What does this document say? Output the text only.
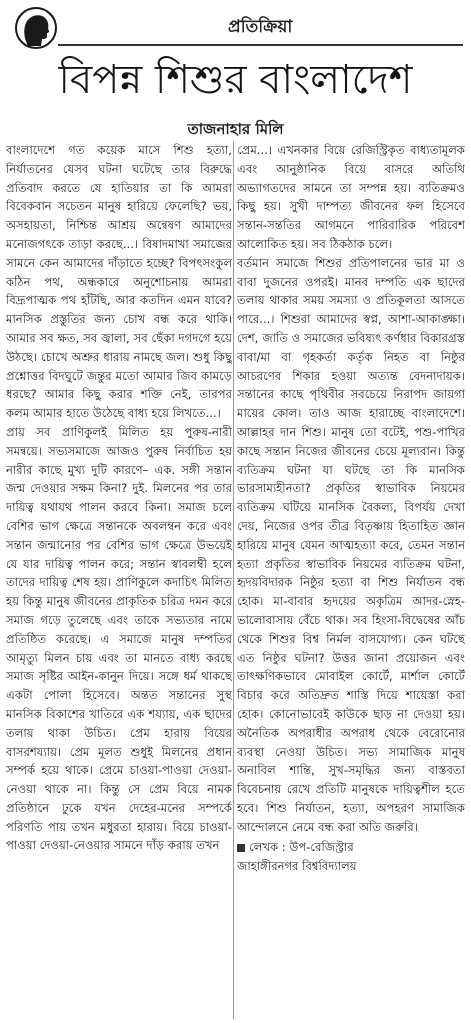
প্রতিক্রিয়া
বিপন্ন শিশুর বাংলাদেশ
তাজনাহার মিলি

বাংলাদেশে গত কয়েক মাসে শিশু হত্যা, নির্যাতনের যেসব ঘটনা ঘটেছে তার বিরুদ্ধে প্রতিবাদ করতে যে হাতিয়ার তা কি আমরা বিবেকবান সচেতন মানুষ হারিয়ে ফেলেছি? ভয়, অসহায়তা, নিশ্চিন্ত আশ্রয় অন্বেষণ আমাদের মনোজগৎকে তাড়া করছে...। বিষাদমাখা সমাজের সামনে কেন আমাদের দাঁড়াতে হচ্ছে? বিপৎসংকুল কঠিন পথ, অন্ধকারে অনুশোচনায় আমরা বিদ্রূপাত্মক পথ হাঁটছি, আর কতদিন এমন যাবে? মানসিক প্রস্তুতির জন্য চোখ বন্ধ করে থাকি। আমার সব ক্ষত, সব জ্বালা, সব ছেঁকা দগদগে হয়ে উঠছে। চোখে অশ্রুর ধারায় নামছে জল। শুধু কিছু প্রশ্নোত্তর বিদঘুটে জন্তুর মতো আমার জিব কামড়ে ধরছে? আমার কিছু করার শক্তি নেই, তারপর কলম আমার হাতে উঠেছে বাধ্য হয়ে লিখতে...।

প্রায় সব প্রাণিকুলই মিলিত হয় পুরুষ-নারী সমন্বয়ে। সভ্যসমাজে আজও পুরুষ নির্বাচিত হয় নারীর কাছে মুখ্য দুটি কারণে– এক. সঙ্গী সন্তান জন্ম দেওয়ার সক্ষম কিনা? দুই. মিলনের পর তার দায়িত্ব যথাযথ পালন করবে কিনা। সমাজ চলে বেশির ভাগ ক্ষেত্রে সন্তানকে অবলম্বন করে এবং সন্তান জন্মানোর পর বেশির ভাগ ক্ষেত্রে উভয়েই যে যার দায়িত্ব পালন করে; সন্তান স্বাবলম্বী হলে তাদের দায়িত্ব শেষ হয়। প্রাণিকুলে কদাচিৎ মিলিত হয় কিন্তু মানুষ জীবনের প্রাকৃতিক চরিত্র দমন করে সমাজ গড়ে তুলেছে এবং তাকে সভ্যতার নামে প্রতিষ্ঠিত করেছে। এ সমাজে মানুষ দম্পতির আমৃত্যু মিলন চায় এবং তা মানতে বাধ্য করছে সমাজ সৃষ্টির আইন-কানুন দিয়ে। সঙ্গে ধর্ম থাকছে একটা পোলা হিসেবে। অন্তত সন্তানের সুস্থ মানসিক বিকাশের খাতিরে এক শয্যায়, এক ছাদের তলায় থাকা উচিত। প্রেম হারায় বিয়ের বাসরশয্যায়। প্রেম মূলত শুধুই মিলনের প্রধান সম্পর্ক হয়ে থাকে। প্রেমে চাওয়া-পাওয়া দেওয়া-নেওয়া থাকে না। কিন্তু সে প্রেম বিয়ে নামক প্রতিষ্ঠানে ঢুকে যখন দেহের-মনের সম্পর্কে পরিণতি পায় তখন মধুরতা হারায়। বিয়ে চাওয়া-পাওয়া দেওয়া-নেওয়ার সামনে দাঁড় করায় তখন

প্রেম...। এখনকার বিয়ে রেজিস্ট্রিকৃত বাধ্যতামূলক এবং আনুষ্ঠানিক বিয়ে বাসরে অতিথি অভ্যাগতদের সামনে তা সম্পন্ন হয়। ব্যতিক্রমও কিছু হয়। সুখী দাম্পত্য জীবনের ফল হিসেবে সন্তান-সন্ততির আগমনে পারিবারিক পরিবেশ আলোকিত হয়। সব ঠিকঠাক চলে।

বর্তমান সমাজে শিশুর প্রতিপালনের ভার মা ও বাবা দুজনের ওপরই। মানব দম্পতি এক ছাদের তলায় থাকার সময় সমস্যা ও প্রতিকূলতা আসতে পারে...। শিশুরা আমাদের স্বপ্ন, আশা-আকাঙ্ক্ষা। দেশ, জাতি ও সমাজের ভবিষ্যৎ কর্ণধার বিকারগ্রস্ত বাবা/মা বা গৃহকর্তা কর্তৃক নিহত বা নিষ্ঠুর আচরণের শিকার হওয়া অত্যন্ত বেদনাদায়ক। সন্তানের কাছে পৃথিবীর সবচেয়ে নিরাপদ জায়গা মায়ের কোল। তাও আজ হারাচ্ছে বাংলাদেশে। আল্লাহর দান শিশু। মানুষ তো বটেই, পশু-পাখির কাছে সন্তান নিজের জীবনের চেয়ে মূল্যবান। কিন্তু ব্যতিক্রম ঘটনা যা ঘটছে তা কি মানসিক ভারসাম্যহীনতা? প্রকৃতির স্বাভাবিক নিয়মের ব্যতিক্রম ঘটিয়ে মানসিক বৈকল্য, বিপর্যয় দেখা দেয়, নিজের ওপর তীব্র বিতৃষ্ণায় হিতাহিত জ্ঞান হারিয়ে মানুষ যেমন আত্মহত্যা করে, তেমন সন্তান হত্যা প্রকৃতির স্বাভাবিক নিয়মের ব্যতিক্রম ঘটনা, হৃদয়বিদারক নিষ্ঠুর হত্যা বা শিশু নির্যাতন বন্ধ হোক। মা-বাবার হৃদয়ের অকৃত্রিম আদর-স্নেহ-ভালোবাসায় বেঁচে থাক। সব হিংসা-বিদ্বেষের আঁচ থেকে শিশুর বিশ্ব নির্মল বাসযোগ্য। কেন ঘটছে এত নিষ্ঠুর ঘটনা? উত্তর জানা প্রয়োজন এবং তাৎক্ষণিকভাবে মোবাইল কোর্টে, মার্শাল কোর্টে বিচার করে অতিদ্রুত শাস্তি দিয়ে শায়েস্তা করা হোক। কোনোভাবেই কাউকে ছাড় না দেওয়া হয়। অনৈতিক অপরাধীর অপরাধ থেকে বেরোনোর ব্যবস্থা নেওয়া উচিত। সভ্য সামাজিক মানুষ অনাবিল শান্তি, সুখ-সমৃদ্ধির জন্য বাস্তবতা বিবেচনায় রেখে প্রতিটি মানুষকে দায়িত্বশীল হতে হবে। শিশু নির্যাতন, হত্যা, অপহরণ সামাজিক আন্দোলনে নেমে বন্ধ করা অতি জরুরি।

লেখক : উপ-রেজিস্ট্রার
জাহাঙ্গীরনগর বিশ্ববিদ্যালয়
